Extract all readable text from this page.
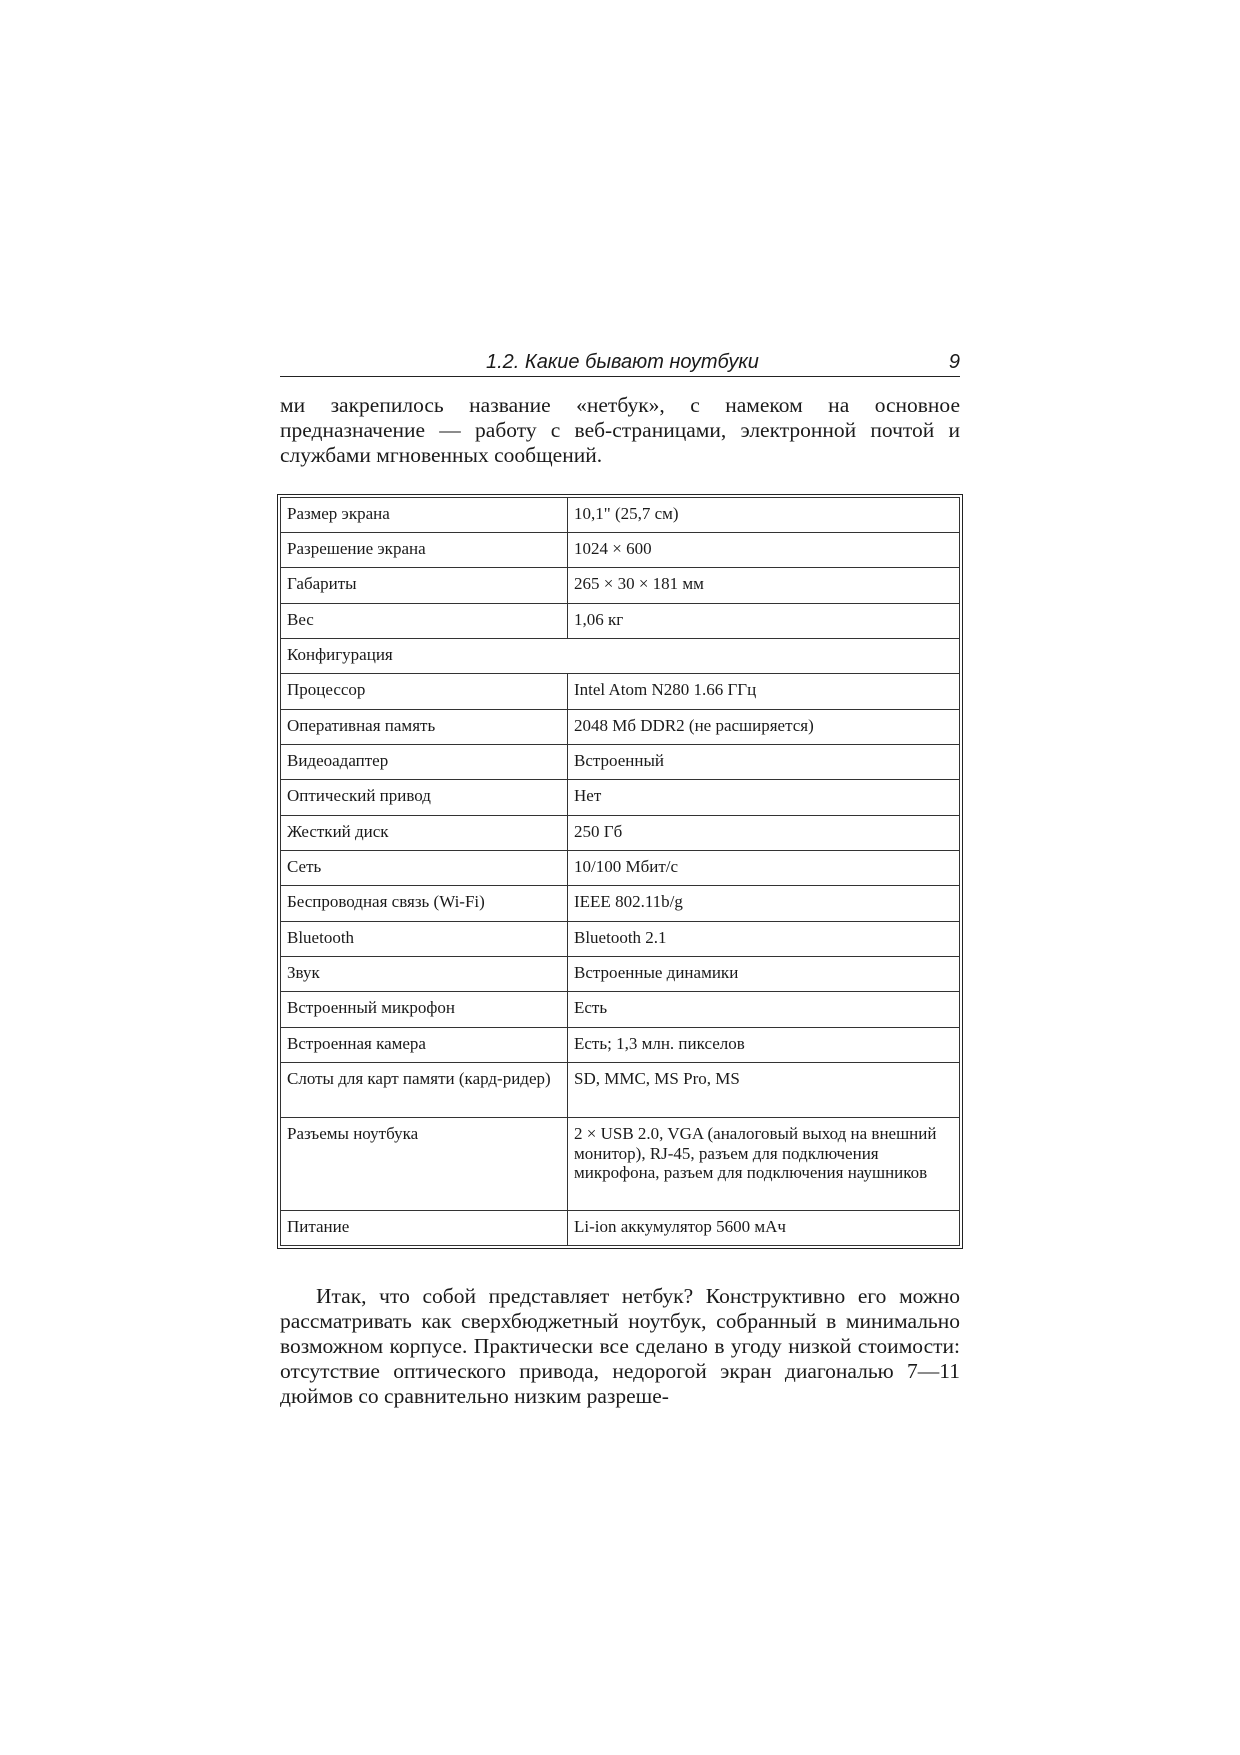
1.2. Какие бывают ноутбуки	9

ми закрепилось название «нетбук», с намеком на основное предназначение — работу с веб-страницами, электронной почтой и службами мгновенных сообщений.

Размер экрана	10,1" (25,7 см)
Разрешение экрана	1024 × 600
Габариты	265 × 30 × 181 мм
Вес	1,06 кг
Конфигурация	
Процессор	Intel Atom N280 1.66 ГГц
Оперативная память	2048 Мб DDR2 (не расширяется)
Видеоадаптер	Встроенный
Оптический привод	Нет
Жесткий диск	250 Гб
Сеть	10/100 Мбит/с
Беспроводная связь (Wi-Fi)	IEEE 802.11b/g
Bluetooth	Bluetooth 2.1
Звук	Встроенные динамики
Встроенный микрофон	Есть
Встроенная камера	Есть; 1,3 млн. пикселов
Слоты для карт памяти (кард-ридер)	SD, MMC, MS Pro, MS
Разъемы ноутбука	2 × USB 2.0, VGA (аналоговый выход на внешний монитор), RJ-45, разъем для подключения микрофона, разъем для подключения наушников
Питание	Li-ion аккумулятор 5600 мАч

Итак, что собой представляет нетбук? Конструктивно его можно рассматривать как сверхбюджетный ноутбук, собранный в минимально возможном корпусе. Практически все сделано в угоду низкой стоимости: отсутствие оптического привода, недорогой экран диагональю 7—11 дюймов со сравнительно низким разреше-
